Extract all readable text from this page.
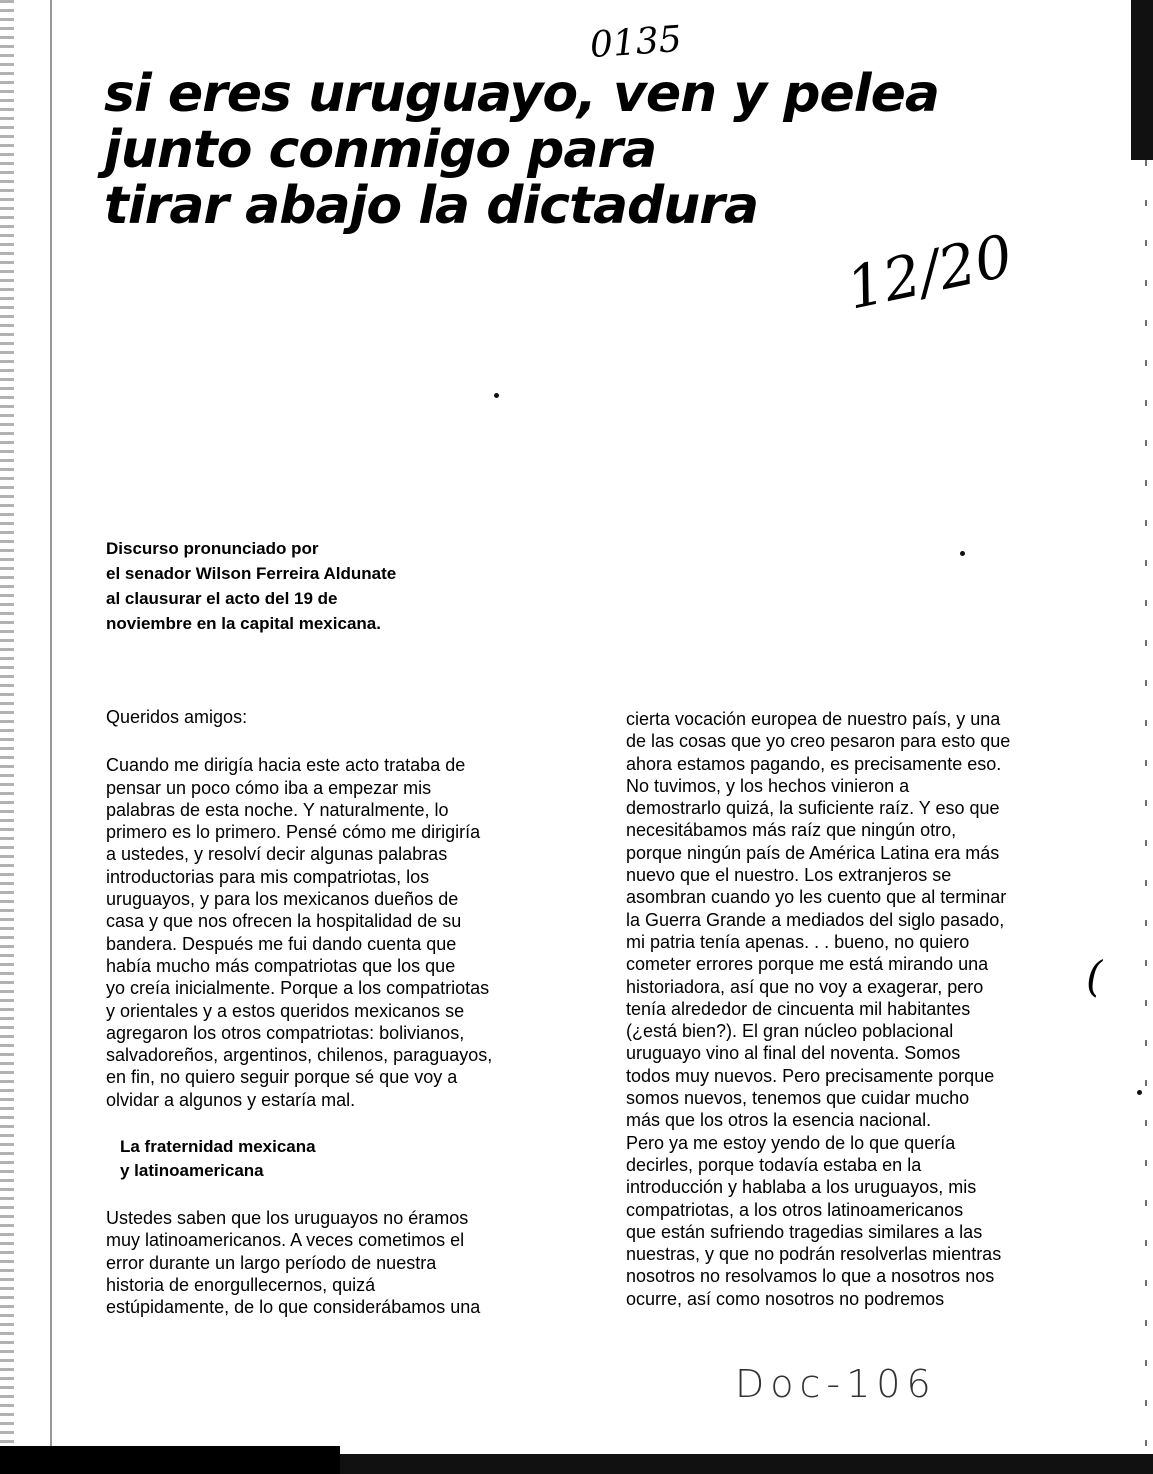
0135
si eres uruguayo, ven y pelea
junto conmigo para
tirar abajo la dictadura
12/20
Discurso pronunciado por
el senador Wilson Ferreira Aldunate
al clausurar el acto del 19 de
noviembre en la capital mexicana.

Queridos amigos:

Cuando me dirigía hacia este acto trataba de
pensar un poco cómo iba a empezar mis
palabras de esta noche. Y naturalmente, lo
primero es lo primero. Pensé cómo me dirigiría
a ustedes, y resolví decir algunas palabras
introductorias para mis compatriotas, los
uruguayos, y para los mexicanos dueños de
casa y que nos ofrecen la hospitalidad de su
bandera. Después me fui dando cuenta que
había mucho más compatriotas que los que
yo creía inicialmente. Porque a los compatriotas
y orientales y a estos queridos mexicanos se
agregaron los otros compatriotas: bolivianos,
salvadoreños, argentinos, chilenos, paraguayos,
en fin, no quiero seguir porque sé que voy a
olvidar a algunos y estaría mal.

La fraternidad mexicana
y latinoamericana

Ustedes saben que los uruguayos no éramos
muy latinoamericanos. A veces cometimos el
error durante un largo período de nuestra
historia de enorgullecernos, quizá
estúpidamente, de lo que considerábamos una

cierta vocación europea de nuestro país, y una
de las cosas que yo creo pesaron para esto que
ahora estamos pagando, es precisamente eso.
No tuvimos, y los hechos vinieron a
demostrarlo quizá, la suficiente raíz. Y eso que
necesitábamos más raíz que ningún otro,
porque ningún país de América Latina era más
nuevo que el nuestro. Los extranjeros se
asombran cuando yo les cuento que al terminar
la Guerra Grande a mediados del siglo pasado,
mi patria tenía apenas. . . bueno, no quiero
cometer errores porque me está mirando una
historiadora, así que no voy a exagerar, pero
tenía alrededor de cincuenta mil habitantes
(¿está bien?). El gran núcleo poblacional
uruguayo vino al final del noventa. Somos
todos muy nuevos. Pero precisamente porque
somos nuevos, tenemos que cuidar mucho
más que los otros la esencia nacional.
Pero ya me estoy yendo de lo que quería
decirles, porque todavía estaba en la
introducción y hablaba a los uruguayos, mis
compatriotas, a los otros latinoamericanos
que están sufriendo tragedias similares a las
nuestras, y que no podrán resolverlas mientras
nosotros no resolvamos lo que a nosotros nos
ocurre, así como nosotros no podremos

(
Doc-106
